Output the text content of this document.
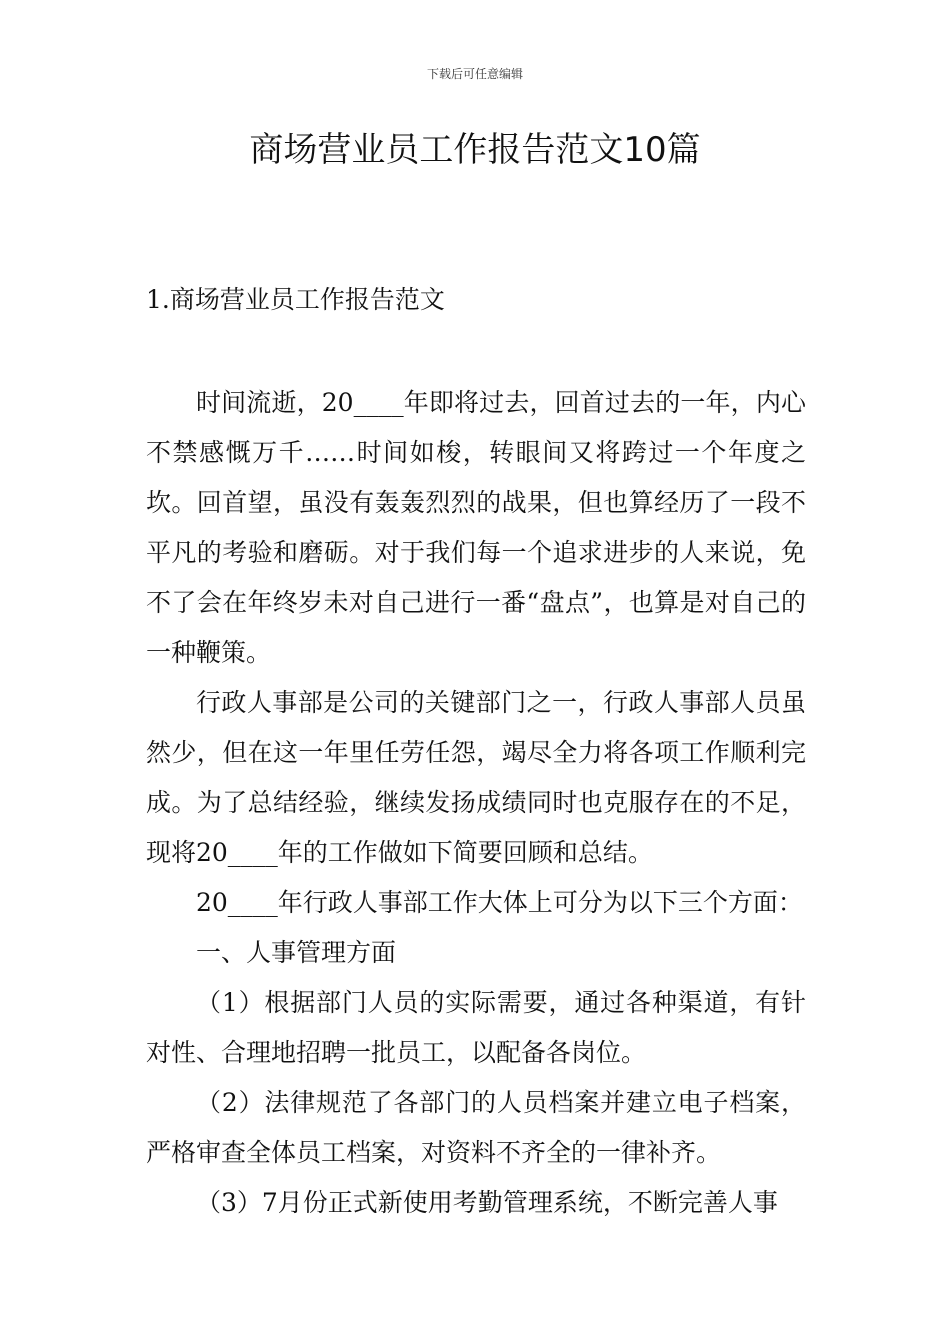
下载后可任意编辑
商场营业员工作报告范文10篇
1.商场营业员工作报告范文

时间流逝，20____年即将过去，回首过去的一年，内心不禁感慨万千……时间如梭，转眼间又将跨过一个年度之坎。回首望，虽没有轰轰烈烈的战果，但也算经历了一段不平凡的考验和磨砺。对于我们每一个追求进步的人来说，免不了会在年终岁未对自己进行一番“盘点”，也算是对自己的一种鞭策。

行政人事部是公司的关键部门之一，行政人事部人员虽然少，但在这一年里任劳任怨，竭尽全力将各项工作顺利完成。为了总结经验，继续发扬成绩同时也克服存在的不足，现将20____年的工作做如下简要回顾和总结。

20____年行政人事部工作大体上可分为以下三个方面：

一、人事管理方面

（1）根据部门人员的实际需要，通过各种渠道，有针对性、合理地招聘一批员工，以配备各岗位。

（2）法律规范了各部门的人员档案并建立电子档案，严格审查全体员工档案，对资料不齐全的一律补齐。

（3）7月份正式新使用考勤管理系统，不断完善人事
